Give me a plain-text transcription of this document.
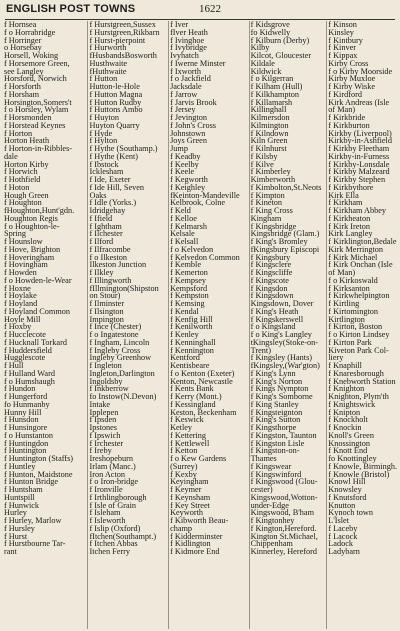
ENGLISH POST TOWNS	1622
f Hornsea
f o Horrabridge
f Horringer
o Horsebay
Horsell, Woking
f Horsemore Green,
see Langley
Horsford, Norwich
f Horsforth
f Horsham
Horsington,Somers't
f o Horsley, Wylam
f Horsmonden
f Horstead Keynes
f Horton
Horton Heath
f Horton-in-Ribbles-
dale
Horton Kirby
f Horwich
f Hothfield
f Hoton
Hough Green
f Houghton
fHoughton,Hunt'gdn.
Houghton Regis
f o Houghton-le-
Spring
f Hounslow
f Hove, Brighton
f Hoveringham
f Hovingham
f Howden
f o Howden-le-Wear
f Hoxne
f Hoylake
f Hoyland
f Hoyland Common
Hoyle Mill
f Hoxby
f Hucclecote
f Hucknall Torkard
f Huddersfield
Hugglescote
f Hull
f Hulland Ward
f o Humshaugh
f Hundon
f Hungerford
fo Hunmanby
Hunny Hill
f Hunsdon
f Hunsingore
f o Hunstanton
f Huntingdon
f Huntington
f Huntington (Staffs)
f Huntley
f Hunton, Maidstone
f Hunton Bridge
f Huntsham
Huntspill
f Hunwick
Hurley
f Hurley, Marlow
f Hursley
f Hurst
f Hurstbourne Tar-
rant
f Hurstgreen,Sussex
f Hurstgreen,Rikbarn
f Hurst-pierpoint
f Hurworth
fHusbandsBosworth
Husthwaite
fHuthwaite
f Hutton
Hutton-le-Hole
f Hutton Magna
f Hutton Rudby
f Huttons Ambo
f Huyton
Huyton Quarry
f Hyde
f Hylton
f Hythe (Southamp.)
f Hythe (Kent)
f Ibstock
Icklesham
f Ide, Exeter
f Ide Hill, Seven
Oaks
f Idle (Yorks.)
Idridgehay
f Ifield
f Ightham
f Ilchester
f Ilford
f Ilfracombe
f o Ilkeston
Ilkeston Junction
f Ilkley
f Illingworth
fIllmington(Shipston
on Stour)
f Ilminster
f Ilsington
Impington
f Ince (Chester)
f o Ingatestone
f Ingham, Lincoln
f Ingleby Cross
Ingleby Greenhow
f Ingleton
Ingleton,Darlington
Ingoldsby
f Inkberrow
fo Instow(N.Devon)
Intake
Ipplepen
f Ipsden
Ipstones
f Ipswich
f Irchester
f Ireby
Ireshopeburn
Irlam (Manc.)
Iron Acton
f o Iron-bridge
f Ironville
f Irthlingborough
f Isle of Grain
f Isleham
f Isleworth
f Islip (Oxford)
fItchen(Southampt.)
f Itchen Abbas
Itchen Ferry
f Iver
fIver Heath
f Ivinghoe
f Ivybridge
Ivyhatch
f Iwerne Minster
f Ixworth
f o Jackfield
Jacksdale
f Jarrow
f Jarvis Brook
f Jersey
f Jevington
f John's Cross
Johnstown
Joys Green
Jump
f Keadby
f Keelby
f Keele
f Kegworth
f Keighley
fKeinton-Mandeville
Kelbrook, Colne
f Keld
f Kelloe
f Kelmarsh
Kelsale
f Kelsall
f o Kelvedon
f Kelvedon Common
f Kemble
f Kemerton
f Kempsey
Kempsford
f Kempston
f Kemsing
f Kendal
f Kenfig Hill
f Kenilworth
f Kenley
f Kenninghall
f Kennington
Kentford
Kentisbeare
f o Kenton (Exeter)
Kenton, Newcastle
f Kents Bank
f Kerry (Mont.)
f Kessingland
Keston, Beckenham
f Keswick
Ketley
f Kettering
f Kettlewell
f Ketton
f o Kew Gardens
(Surrey)
f Kexby
Keyingham
f Keymer
f Keynsham
f Key Street
Keyworth
f Kibworth Beau-
champ
f Kidderminster
f Kidlington
f Kidmore End
f Kidsgrove
fo Kidwelly
f Kilburn (Derby)
Kilby
Kilcot, Gloucester
Kildale
Kildwick
f o Kilgerran
f Kilham (Hull)
f Kilkhampton
f Killamarsh
Killinghall
Kilmersdon
Kilmington
f Kilndown
Kiln Green
f Kilnhurst
f Kilsby
f Kilve
f Kimberley
Kimberworth
f Kimbolton,St.Neots
f Kimpton
f Kineton
f King Cross
Kingham
f Kingsbridge
Kingsbridge (Glam.)
f King's Bromley
fKingsbury Episcopi
f Kingsbury
f Kingsclere
f Kingscliffe
f Kingscote
f Kingsdon
f Kingsdown
Kingsdown, Dover
f King's Heath
f Kingskerswell
f o Kingsland
f o King's Langley
tKingsley(Stoke-on-
Trent)
f Kingsley (Hants)
fKingsley,(War'gton)
f King's Lynn
f King's Norton
f Kings Nympton
f King's Somborne
f King Stanley
f Kingsteignton
f King's Sutton
f Kingsthorpe
f Kingston, Taunton
f Kingston Lisle
f Kingston-on-
Thames
f Kingswear
f Kingswinford
f Kingswood (Glou-
cester)
Kingswood,Wotton-
under-Edge
Kingswood, B'ham
f Kingtonhey
f Kington,Hereford.
Kington St.Michael,
Chippenham
Kinnerley, Hereford
f Kinson
Kinsley
f Kintbury
f Kinver
f Kippax
Kirby Cross
f o Kirby Moorside
Kirby Muxloe
f Kirby Wiske
f Kirdford
Kirk Andreas (Isle
of Man)
f Kirkbride
f Kirkburton
Kirkby (Liverpool)
Kirkby-in-Ashfield
f Kirkby Fleetham
Kirkby-in-Furness
f Kirkby-Lonsdale
f Kirkby Malzeard
f Kirkby Stephen
f Kirkbythore
Kirk Ella
f Kirkham
f Kirkham Abbey
f Kirkheaton
f Kirk Ireton
Kirk Langley
f Kirklington,Bedale
Kirk Merrington
f Kirk Michael
f Kirk Onchan (Isle
of Man)
f o Kirkoswald
f Kirksanton
f Kirkwhelpington
f Kirtling
f Kirtomington
Kirtlington
f Kirton, Boston
f o Kirton Lindsey
f Kirton Park
Kiveton Park Col-
liery
f Knaphill
f Knaresborough
f Knebworth Station
f Knighton
Knighton, Plym'th
f Knightswick
f Knipton
f Knockholt
f Knockin
Knoll's Green
Knossington
f Knott End
fo Knottingley
f Knowle, Birmingh.
f Knowle (Bristol)
Knowl Hill
Knowsley
f Knutsford
Knutton
Kynoch town
L'Islet
f Laceby
f Lacock
Ladock
Ladybarn
